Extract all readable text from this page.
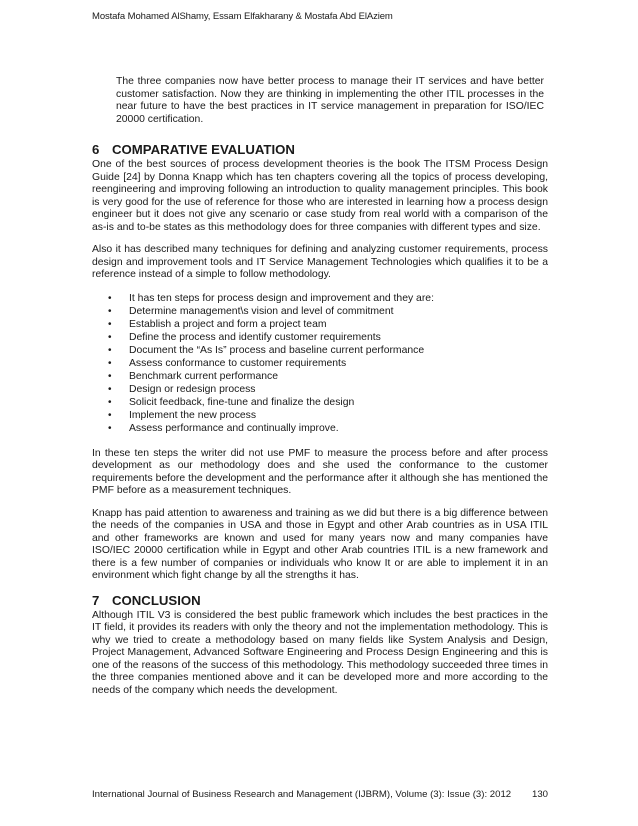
Mostafa Mohamed AlShamy, Essam Elfakharany & Mostafa Abd ElAziem

The three companies now have better process to manage their IT services and have better customer satisfaction. Now they are thinking in implementing the other ITIL processes in the near future to have the best practices in IT service management in preparation for ISO/IEC 20000 certification.

6 COMPARATIVE EVALUATION

One of the best sources of process development theories is the book The ITSM Process Design Guide [24] by Donna Knapp which has ten chapters covering all the topics of process developing, reengineering and improving following an introduction to quality management principles. This book is very good for the use of reference for those who are interested in learning how a process design engineer but it does not give any scenario or case study from real world with a comparison of the as-is and to-be states as this methodology does for three companies with different types and size.

Also it has described many techniques for defining and analyzing customer requirements, process design and improvement tools and IT Service Management Technologies which qualifies it to be a reference instead of a simple to follow methodology.

• It has ten steps for process design and improvement and they are:
• Determine management\s vision and level of commitment
• Establish a project and form a project team
• Define the process and identify customer requirements
• Document the “As Is” process and baseline current performance
• Assess conformance to customer requirements
• Benchmark current performance
• Design or redesign process
• Solicit feedback, fine-tune and finalize the design
• Implement the new process
• Assess performance and continually improve.

In these ten steps the writer did not use PMF to measure the process before and after process development as our methodology does and she used the conformance to the customer requirements before the development and the performance after it although she has mentioned the PMF before as a measurement techniques.

Knapp has paid attention to awareness and training as we did but there is a big difference between the needs of the companies in USA and those in Egypt and other Arab countries as in USA ITIL and other frameworks are known and used for many years now and many companies have ISO/IEC 20000 certification while in Egypt and other Arab countries ITIL is a new framework and there is a few number of companies or individuals who know It or are able to implement it in an environment which fight change by all the strengths it has.

7 CONCLUSION

Although ITIL V3 is considered the best public framework which includes the best practices in the IT field, it provides its readers with only the theory and not the implementation methodology. This is why we tried to create a methodology based on many fields like System Analysis and Design, Project Management, Advanced Software Engineering and Process Design Engineering and this is one of the reasons of the success of this methodology. This methodology succeeded three times in the three companies mentioned above and it can be developed more and more according to the needs of the company which needs the development.

International Journal of Business Research and Management (IJBRM), Volume (3): Issue (3): 2012 130
